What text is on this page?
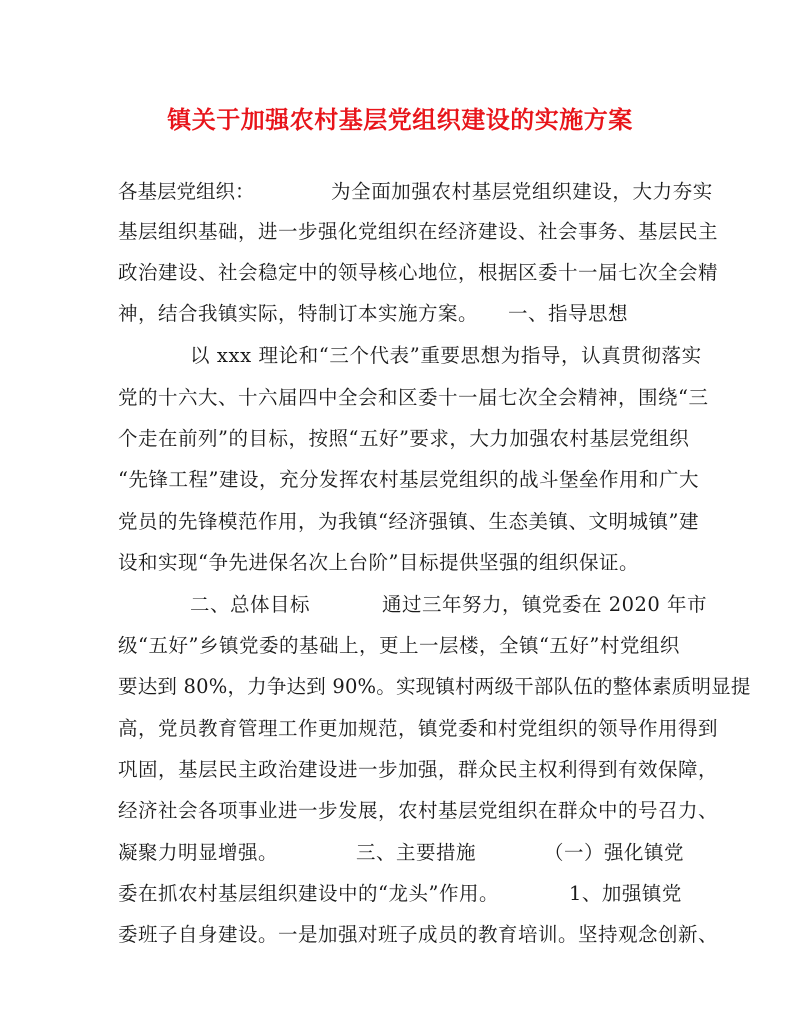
镇关于加强农村基层党组织建设的实施方案
各基层党组织：	为全面加强农村基层党组织建设，大力夯实
基层组织基础，进一步强化党组织在经济建设、社会事务、基层民主
政治建设、社会稳定中的领导核心地位，根据区委十一届七次全会精
神，结合我镇实际，特制订本实施方案。 一、指导思想
以 xxx 理论和“三个代表”重要思想为指导，认真贯彻落实
党的十六大、十六届四中全会和区委十一届七次全会精神，围绕“三
个走在前列”的目标，按照“五好”要求，大力加强农村基层党组织
“先锋工程”建设，充分发挥农村基层党组织的战斗堡垒作用和广大
党员的先锋模范作用，为我镇“经济强镇、生态美镇、文明城镇”建
设和实现“争先进保名次上台阶”目标提供坚强的组织保证。
二、总体目标	通过三年努力，镇党委在 2020 年市
级“五好”乡镇党委的基础上，更上一层楼，全镇“五好”村党组织
要达到 80%，力争达到 90%。实现镇村两级干部队伍的整体素质明显提
高，党员教育管理工作更加规范，镇党委和村党组织的领导作用得到
巩固，基层民主政治建设进一步加强，群众民主权利得到有效保障，
经济社会各项事业进一步发展，农村基层党组织在群众中的号召力、
凝聚力明显增强。	三、主要措施	（一）强化镇党
委在抓农村基层组织建设中的“龙头”作用。	1、加强镇党
委班子自身建设。一是加强对班子成员的教育培训。坚持观念创新、
